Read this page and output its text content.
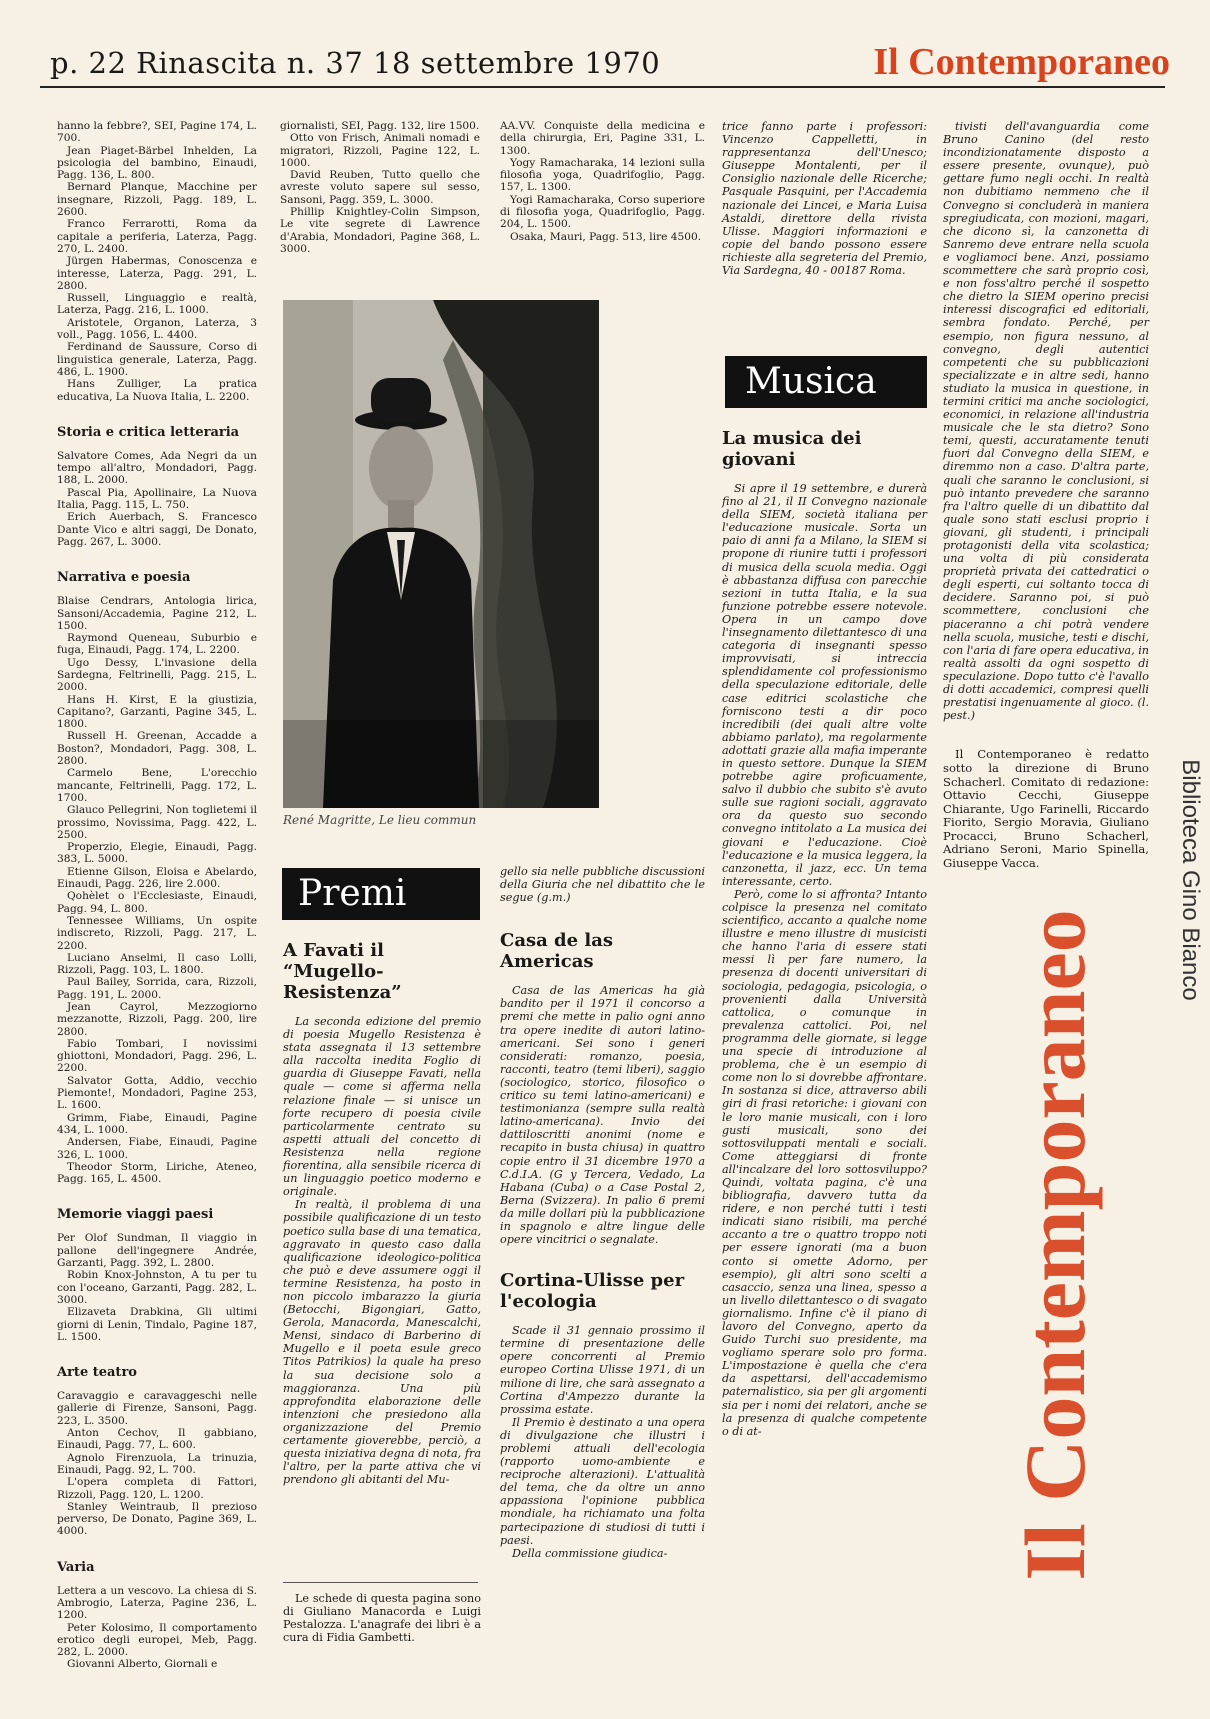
p. 22 Rinascita n. 37 18 settembre 1970	Il Contemporaneo

hanno la febbre?, SEI, Pagine 174, L. 700.

Jean Piaget-Bärbel Inhelden, La psicologia del bambino, Einaudi, Pagg. 136, L. 800.

Bernard Planque, Macchine per insegnare, Rizzoli, Pagg. 189, L. 2600.

Franco Ferrarotti, Roma da capitale a periferia, Laterza, Pagg. 270, L. 2400.

Jürgen Habermas, Conoscenza e interesse, Laterza, Pagg. 291, L. 2800.

Russell, Linguaggio e realtà, Laterza, Pagg. 216, L. 1000.

Aristotele, Organon, Laterza, 3 voll., Pagg. 1056, L. 4400.

Ferdinand de Saussure, Corso di linguistica generale, Laterza, Pagg. 486, L. 1900.

Hans Zulliger, La pratica educativa, La Nuova Italia, L. 2200.

Storia e critica letteraria

Salvatore Comes, Ada Negri da un tempo all'altro, Mondadori, Pagg. 188, L. 2000.

Pascal Pia, Apollinaire, La Nuova Italia, Pagg. 115, L. 750.

Erich Auerbach, S. Francesco Dante Vico e altri saggi, De Donato, Pagg. 267, L. 3000.

Narrativa e poesia

Blaise Cendrars, Antologia lirica, Sansoni/Accademia, Pagine 212, L. 1500.

Raymond Queneau, Suburbio e fuga, Einaudi, Pagg. 174, L. 2200.

Ugo Dessy, L'invasione della Sardegna, Feltrinelli, Pagg. 215, L. 2000.

Hans H. Kirst, E la giustizia, Capitano?, Garzanti, Pagine 345, L. 1800.

Russell H. Greenan, Accadde a Boston?, Mondadori, Pagg. 308, L. 2800.

Carmelo Bene, L'orecchio mancante, Feltrinelli, Pagg. 172, L. 1700.

Glauco Pellegrini, Non toglietemi il prossimo, Novissima, Pagg. 422, L. 2500.

Properzio, Elegie, Einaudi, Pagg. 383, L. 5000.

Etienne Gilson, Eloisa e Abelardo, Einaudi, Pagg. 226, lire 2.000.

Qohèlet o l'Ecclesiaste, Einaudi, Pagg. 94, L. 800.

Tennessee Williams, Un ospite indiscreto, Rizzoli, Pagg. 217, L. 2200.

Luciano Anselmi, Il caso Lolli, Rizzoli, Pagg. 103, L. 1800.

Paul Bailey, Sorrida, cara, Rizzoli, Pagg. 191, L. 2000.

Jean Cayrol, Mezzogiorno mezzanotte, Rizzoli, Pagg. 200, lire 2800.

Fabio Tombari, I novissimi ghiottoni, Mondadori, Pagg. 296, L. 2200.

Salvator Gotta, Addio, vecchio Piemonte!, Mondadori, Pagine 253, L. 1600.

Grimm, Fiabe, Einaudi, Pagine 434, L. 1000.

Andersen, Fiabe, Einaudi, Pagine 326, L. 1000.

Theodor Storm, Liriche, Ateneo, Pagg. 165, L. 4500.

Memorie viaggi paesi

Per Olof Sundman, Il viaggio in pallone dell'ingegnere Andrée, Garzanti, Pagg. 392, L. 2800.

Robin Knox-Johnston, A tu per tu con l'oceano, Garzanti, Pagg. 282, L. 3000.

Elizaveta Drabkina, Gli ultimi giorni di Lenin, Tindalo, Pagine 187, L. 1500.

Arte teatro

Caravaggio e caravaggeschi nelle gallerie di Firenze, Sansoni, Pagg. 223, L. 3500.

Anton Cechov, Il gabbiano, Einaudi, Pagg. 77, L. 600.

Agnolo Firenzuola, La trinuzia, Einaudi, Pagg. 92, L. 700.

L'opera completa di Fattori, Rizzoli, Pagg. 120, L. 1200.

Stanley Weintraub, Il prezioso perverso, De Donato, Pagine 369, L. 4000.

Varia

Lettera a un vescovo. La chiesa di S. Ambrogio, Laterza, Pagine 236, L. 1200.

Peter Kolosimo, Il comportamento erotico degli europei, Meb, Pagg. 282, L. 2000.

Giovanni Alberto, Giornali e

giornalisti, SEI, Pagg. 132, lire 1500.

Otto von Frisch, Animali nomadi e migratori, Rizzoli, Pagine 122, L. 1000.

David Reuben, Tutto quello che avreste voluto sapere sul sesso, Sansoni, Pagg. 359, L. 3000.

Phillip Knightley-Colin Simpson, Le vite segrete di Lawrence d'Arabia, Mondadori, Pagine 368, L. 3000.

AA.VV. Conquiste della medicina e della chirurgia, Eri, Pagine 331, L. 1300.

Yogy Ramacharaka, 14 lezioni sulla filosofia yoga, Quadrifoglio, Pagg. 157, L. 1300.

Yogi Ramacharaka, Corso superiore di filosofia yoga, Quadrifoglio, Pagg. 204, L. 1500.

Osaka, Mauri, Pagg. 513, lire 4500.

René Magritte, Le lieu commun
Premi
A Favati il “Mugello-Resistenza”

La seconda edizione del premio di poesia Mugello Resistenza è stata assegnata il 13 settembre alla raccolta inedita Foglio di guardia di Giuseppe Favati, nella quale — come si afferma nella relazione finale — si unisce un forte recupero di poesia civile particolarmente centrato su aspetti attuali del concetto di Resistenza nella regione fiorentina, alla sensibile ricerca di un linguaggio poetico moderno e originale.

In realtà, il problema di una possibile qualificazione di un testo poetico sulla base di una tematica, aggravato in questo caso dalla qualificazione ideologico-politica che può e deve assumere oggi il termine Resistenza, ha posto in non piccolo imbarazzo la giuria (Betocchi, Bigongiari, Gatto, Gerola, Manacorda, Manescalchi, Mensi, sindaco di Barberino di Mugello e il poeta esule greco Titos Patrikios) la quale ha preso la sua decisione solo a maggioranza. Una più approfondita elaborazione delle intenzioni che presiedono alla organizzazione del Premio certamente gioverebbe, perciò, a questa iniziativa degna di nota, fra l'altro, per la parte attiva che vi prendono gli abitanti del Mu-

Le schede di questa pagina sono di Giuliano Manacorda e Luigi Pestalozza. L'anagrafe dei libri è a cura di Fidia Gambetti.

gello sia nelle pubbliche discussioni della Giuria che nel dibattito che le segue (g.m.)

Casa de las Americas

Casa de las Americas ha già bandito per il 1971 il concorso a premi che mette in palio ogni anno tra opere inedite di autori latino-americani. Sei sono i generi considerati: romanzo, poesia, racconti, teatro (temi liberi), saggio (sociologico, storico, filosofico o critico su temi latino-americani) e testimonianza (sempre sulla realtà latino-americana). Invio dei dattiloscritti anonimi (nome e recapito in busta chiusa) in quattro copie entro il 31 dicembre 1970 a C.d.I.A. (G y Tercera, Vedado, La Habana (Cuba) o a Case Postal 2, Berna (Svizzera). In palio 6 premi da mille dollari più la pubblicazione in spagnolo e altre lingue delle opere vincitrici o segnalate.

Cortina-Ulisse per l'ecologia

Scade il 31 gennaio prossimo il termine di presentazione delle opere concorrenti al Premio europeo Cortina Ulisse 1971, di un milione di lire, che sarà assegnato a Cortina d'Ampezzo durante la prossima estate.

Il Premio è destinato a una opera di divulgazione che illustri i problemi attuali dell'ecologia (rapporto uomo-ambiente e reciproche alterazioni). L'attualità del tema, che da oltre un anno appassiona l'opinione pubblica mondiale, ha richiamato una folta partecipazione di studiosi di tutti i paesi.

Della commissione giudica-

trice fanno parte i professori: Vincenzo Cappelletti, in rappresentanza dell'Unesco; Giuseppe Montalenti, per il Consiglio nazionale delle Ricerche; Pasquale Pasquini, per l'Accademia nazionale dei Lincei, e Maria Luisa Astaldi, direttore della rivista Ulisse. Maggiori informazioni e copie del bando possono essere richieste alla segreteria del Premio, Via Sardegna, 40 - 00187 Roma.

Musica
La musica dei giovani

Si apre il 19 settembre, e durerà fino al 21, il II Convegno nazionale della SIEM, società italiana per l'educazione musicale. Sorta un paio di anni fa a Milano, la SIEM si propone di riunire tutti i professori di musica della scuola media. Oggi è abbastanza diffusa con parecchie sezioni in tutta Italia, e la sua funzione potrebbe essere notevole. Opera in un campo dove l'insegnamento dilettantesco di una categoria di insegnanti spesso improvvisati, si intreccia splendidamente col professionismo della speculazione editoriale, delle case editrici scolastiche che forniscono testi a dir poco incredibili (dei quali altre volte abbiamo parlato), ma regolarmente adottati grazie alla mafia imperante in questo settore. Dunque la SIEM potrebbe agire proficuamente, salvo il dubbio che subito s'è avuto sulle sue ragioni sociali, aggravato ora da questo suo secondo convegno intitolato a La musica dei giovani e l'educazione. Cioè l'educazione e la musica leggera, la canzonetta, il jazz, ecc. Un tema interessante, certo.

Però, come lo si affronta? Intanto colpisce la presenza nel comitato scientifico, accanto a qualche nome illustre e meno illustre di musicisti che hanno l'aria di essere stati messi lì per fare numero, la presenza di docenti universitari di sociologia, pedagogia, psicologia, o provenienti dalla Università cattolica, o comunque in prevalenza cattolici. Poi, nel programma delle giornate, si legge una specie di introduzione al problema, che è un esempio di come non lo si dovrebbe affrontare. In sostanza si dice, attraverso abili giri di frasi retoriche: i giovani con le loro manie musicali, con i loro gusti musicali, sono dei sottosviluppati mentali e sociali. Come atteggiarsi di fronte all'incalzare del loro sottosviluppo? Quindi, voltata pagina, c'è una bibliografia, davvero tutta da ridere, e non perché tutti i testi indicati siano risibili, ma perché accanto a tre o quattro troppo noti per essere ignorati (ma a buon conto si omette Adorno, per esempio), gli altri sono scelti a casaccio, senza una linea, spesso a un livello dilettantesco o di svagato giornalismo. Infine c'è il piano di lavoro del Convegno, aperto da Guido Turchi suo presidente, ma vogliamo sperare solo pro forma. L'impostazione è quella che c'era da aspettarsi, dell'accademismo paternalistico, sia per gli argomenti sia per i nomi dei relatori, anche se la presenza di qualche competente o di at-

tivisti dell'avanguardia come Bruno Canino (del resto incondizionatamente disposto a essere presente, ovunque), può gettare fumo negli occhi. In realtà non dubitiamo nemmeno che il Convegno si concluderà in maniera spregiudicata, con mozioni, magari, che dicono sì, la canzonetta di Sanremo deve entrare nella scuola e vogliamoci bene. Anzi, possiamo scommettere che sarà proprio così, e non foss'altro perché il sospetto che dietro la SIEM operino precisi interessi discografici ed editoriali, sembra fondato. Perché, per esempio, non figura nessuno, al convegno, degli autentici competenti che su pubblicazioni specializzate e in altre sedi, hanno studiato la musica in questione, in termini critici ma anche sociologici, economici, in relazione all'industria musicale che le sta dietro? Sono temi, questi, accuratamente tenuti fuori dal Convegno della SIEM, e diremmo non a caso. D'altra parte, quali che saranno le conclusioni, si può intanto prevedere che saranno fra l'altro quelle di un dibattito dal quale sono stati esclusi proprio i giovani, gli studenti, i principali protagonisti della vita scolastica; una volta di più considerata proprietà privata dei cattedratici o degli esperti, cui soltanto tocca di decidere. Saranno poi, si può scommettere, conclusioni che piaceranno a chi potrà vendere nella scuola, musiche, testi e dischi, con l'aria di fare opera educativa, in realtà assolti da ogni sospetto di speculazione. Dopo tutto c'è l'avallo di dotti accademici, compresi quelli prestatisi ingenuamente al gioco. (l. pest.)

Il Contemporaneo è redatto sotto la direzione di Bruno Schacherl. Comitato di redazione: Ottavio Cecchi, Giuseppe Chiarante, Ugo Farinelli, Riccardo Fiorito, Sergio Moravia, Giuliano Procacci, Bruno Schacherl, Adriano Seroni, Mario Spinella, Giuseppe Vacca.

Il Contemporaneo
Biblioteca Gino Bianco
